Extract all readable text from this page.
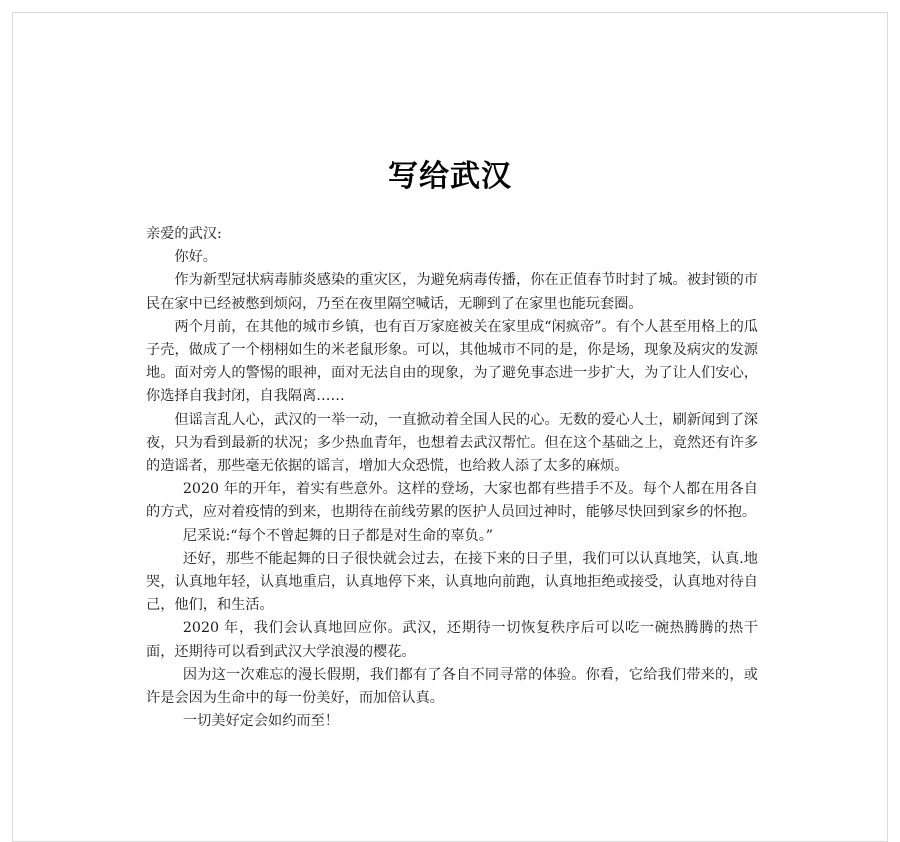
写给武汉

亲爱的武汉:

你好。

作为新型冠状病毒肺炎感染的重灾区，为避免病毒传播，你在正值春节时封了城。被封锁的市民在家中已经被憋到烦闷，乃至在夜里隔空喊话，无聊到了在家里也能玩套圈。

两个月前，在其他的城市乡镇，也有百万家庭被关在家里成“闲疯帝”。有个人甚至用格上的瓜子壳，做成了一个栩栩如生的米老鼠形象。可以，其他城市不同的是，你是场，现象及病灾的发源地。面对旁人的警惕的眼神，面对无法自由的现象，为了避免事态进一步扩大，为了让人们安心，你选择自我封闭，自我隔离……

但谣言乱人心，武汉的一举一动，一直掀动着全国人民的心。无数的爱心人士，刷新闻到了深夜，只为看到最新的状况；多少热血青年，也想着去武汉帮忙。但在这个基础之上，竟然还有许多的造谣者，那些毫无依据的谣言，增加大众恐慌，也给救人添了太多的麻烦。

2020 年的开年，着实有些意外。这样的登场，大家也都有些措手不及。每个人都在用各自的方式，应对着疫情的到来，也期待在前线劳累的医护人员回过神时，能够尽快回到家乡的怀抱。

尼采说:“每个不曾起舞的日子都是对生命的辜负。”

还好，那些不能起舞的日子很快就会过去，在接下来的日子里，我们可以认真地笑，认真.地哭，认真地年轻，认真地重启，认真地停下来，认真地向前跑，认真地拒绝或接受，认真地对待自己，他们，和生活。

2020 年，我们会认真地回应你。武汉，还期待一切恢复秩序后可以吃一碗热腾腾的热干面，还期待可以看到武汉大学浪漫的樱花。

因为这一次难忘的漫长假期，我们都有了各自不同寻常的体验。你看，它给我们带来的，或许是会因为生命中的每一份美好，而加倍认真。

一切美好定会如约而至！
